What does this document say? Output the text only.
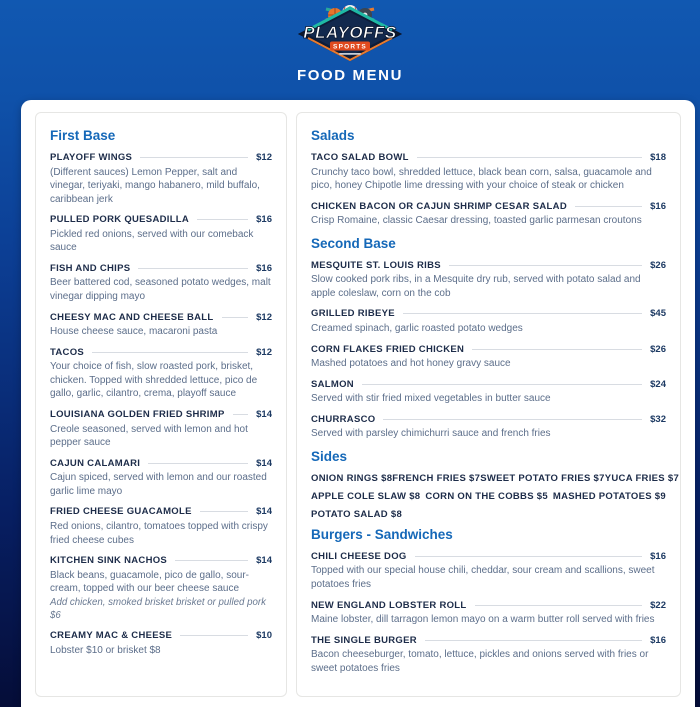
PLAYOFFS
SPORTS
FOOD MENU
First Base
PLAYOFF WINGS	$12

(Different sauces) Lemon Pepper, salt and vinegar, teriyaki, mango habanero, mild buffalo, caribbean jerk

PULLED PORK QUESADILLA	$16

Pickled red onions, served with our comeback sauce

FISH AND CHIPS	$16

Beer battered cod, seasoned potato wedges, malt vinegar dipping mayo

CHEESY MAC AND CHEESE BALL	$12

House cheese sauce, macaroni pasta

TACOS	$12

Your choice of fish, slow roasted pork, brisket, chicken. Topped with shredded lettuce, pico de gallo, garlic, cilantro, crema, playoff sauce

LOUISIANA GOLDEN FRIED SHRIMP	$14

Creole seasoned, served with lemon and hot pepper sauce

CAJUN CALAMARI	$14

Cajun spiced, served with lemon and our roasted garlic lime mayo

FRIED CHEESE GUACAMOLE	$14

Red onions, cilantro, tomatoes topped with crispy fried cheese cubes

KITCHEN SINK NACHOS	$14

Black beans, guacamole, pico de gallo, sour-cream, topped with our beer cheese sauce

Add chicken, smoked brisket brisket or pulled pork $6

CREAMY MAC & CHEESE	$10

Lobster $10 or brisket $8

Salads
TACO SALAD BOWL	$18

Crunchy taco bowl, shredded lettuce, black bean corn, salsa, guacamole and pico, honey Chipotle lime dressing with your choice of steak or chicken

CHICKEN BACON OR CAJUN SHRIMP CESAR SALAD	$16

Crisp Romaine, classic Caesar dressing, toasted garlic parmesan croutons

Second Base
MESQUITE ST. LOUIS RIBS	$26

Slow cooked pork ribs, in a Mesquite dry rub, served with potato salad and apple coleslaw, corn on the cob

GRILLED RIBEYE	$45

Creamed spinach, garlic roasted potato wedges

CORN FLAKES FRIED CHICKEN	$26

Mashed potatoes and hot honey gravy sauce

SALMON	$24

Served with stir fried mixed vegetables in butter sauce

CHURRASCO	$32

Served with parsley chimichurri sauce and french fries

Sides
ONION RINGS $8 FRENCH FRIES $7 SWEET POTATO FRIES $7 YUCA FRIES $7
APPLE COLE SLAW $8 CORN ON THE COBBS $5 MASHED POTATOES $9
POTATO SALAD $8
Burgers - Sandwiches
CHILI CHEESE DOG	$16

Topped with our special house chili, cheddar, sour cream and scallions, sweet potatoes fries

NEW ENGLAND LOBSTER ROLL	$22

Maine lobster, dill tarragon lemon mayo on a warm butter roll served with fries

THE SINGLE BURGER	$16

Bacon cheeseburger, tomato, lettuce, pickles and onions served with fries or sweet potatoes fries
